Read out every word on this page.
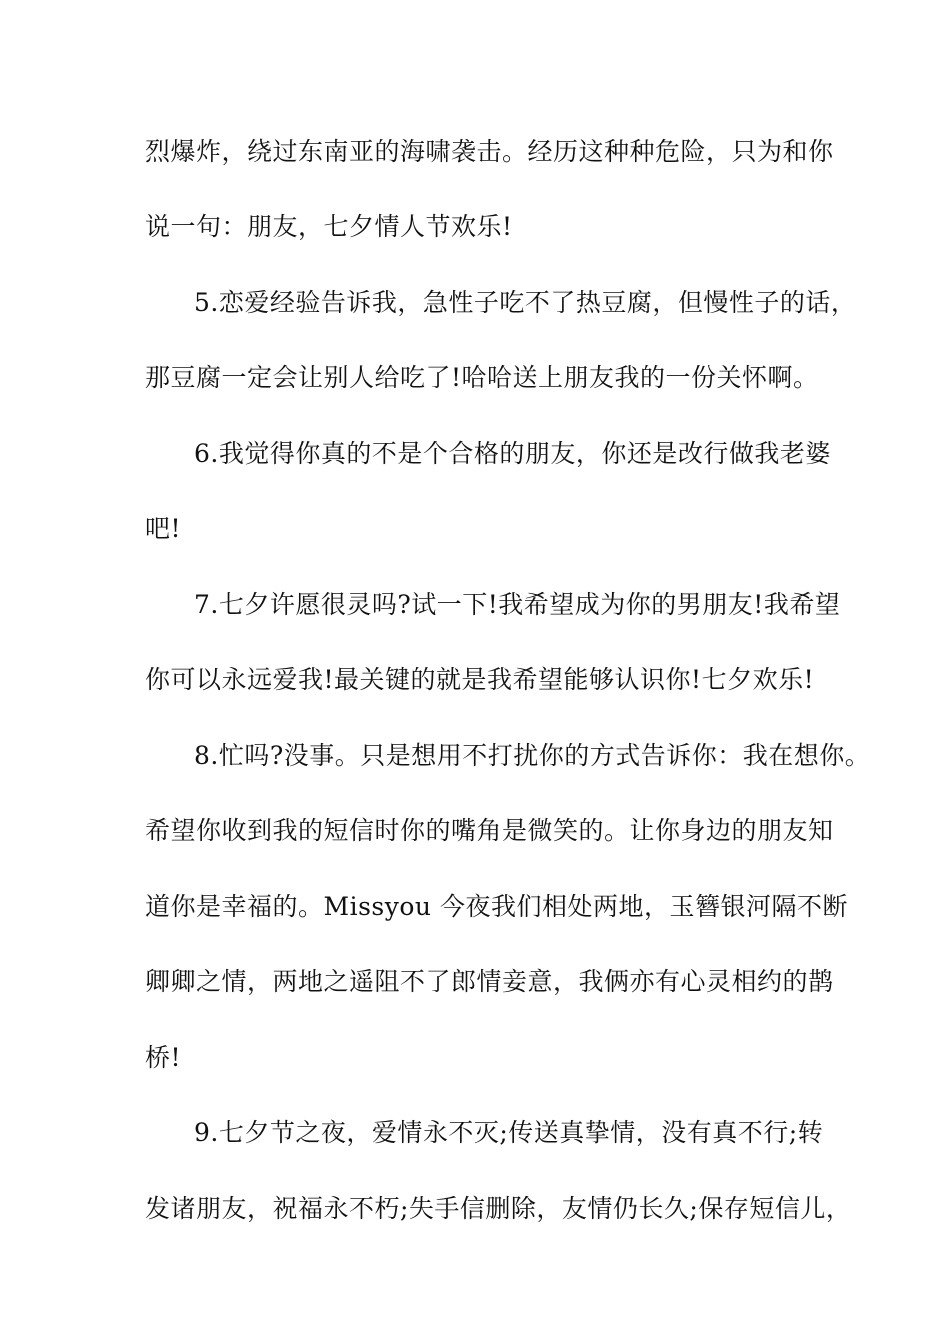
烈爆炸，绕过东南亚的海啸袭击。经历这种种危险，只为和你
说一句：朋友，七夕情人节欢乐!
5.恋爱经验告诉我，急性子吃不了热豆腐，但慢性子的话，
那豆腐一定会让别人给吃了!哈哈送上朋友我的一份关怀啊。
6.我觉得你真的不是个合格的朋友，你还是改行做我老婆
吧!
7.七夕许愿很灵吗?试一下!我希望成为你的男朋友!我希望
你可以永远爱我!最关键的就是我希望能够认识你!七夕欢乐!
8.忙吗?没事。只是想用不打扰你的方式告诉你：我在想你。
希望你收到我的短信时你的嘴角是微笑的。让你身边的朋友知
道你是幸福的。Missyou 今夜我们相处两地，玉簪银河隔不断
卿卿之情，两地之遥阻不了郎情妾意，我俩亦有心灵相约的鹊
桥!
9.七夕节之夜，爱情永不灭;传送真挚情，没有真不行;转
发诸朋友，祝福永不朽;失手信删除，友情仍长久;保存短信儿，
